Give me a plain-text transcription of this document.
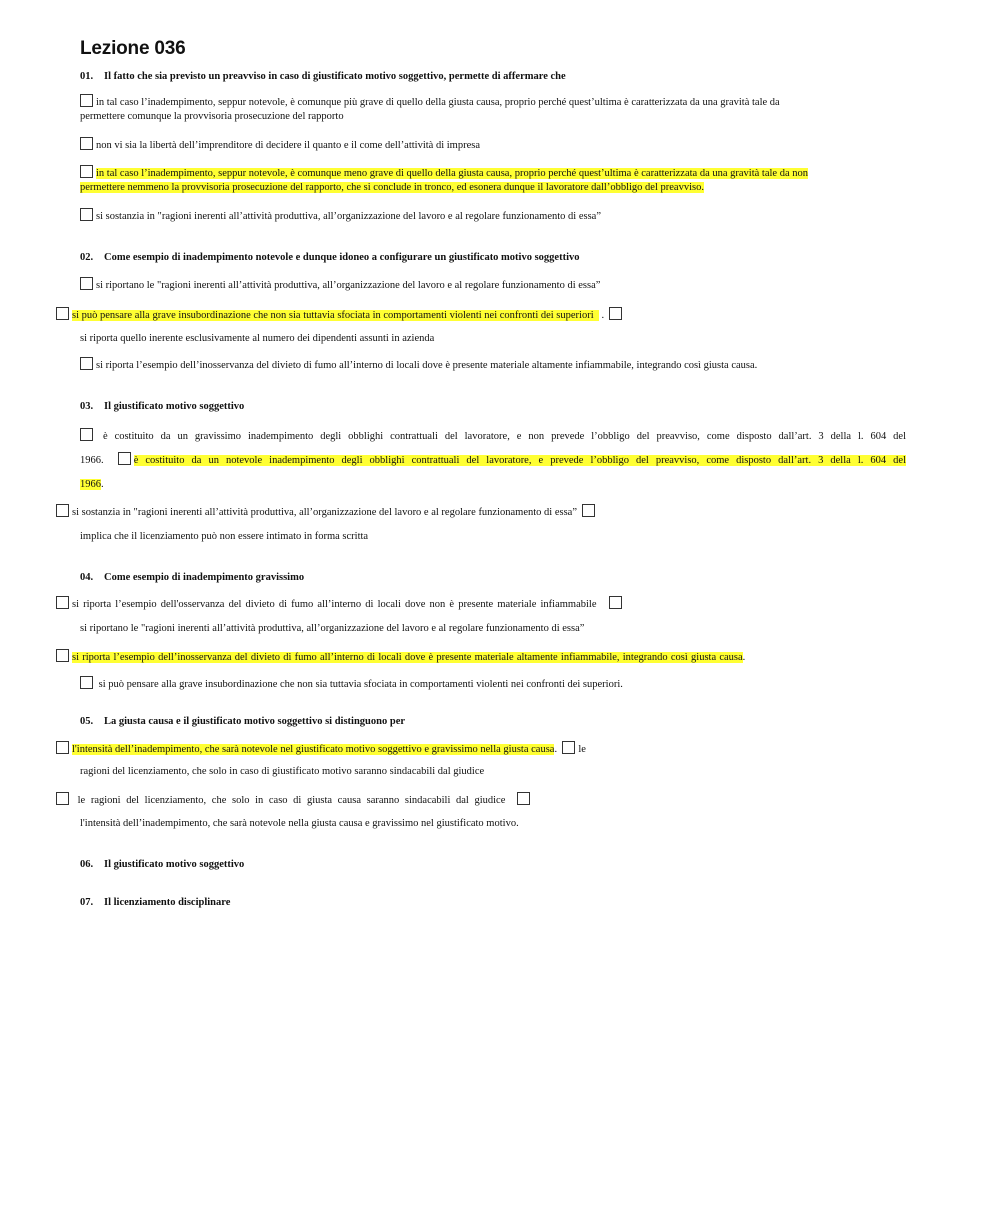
Lezione 036

01. Il fatto che sia previsto un preavviso in caso di giustificato motivo soggettivo, permette di affermare che

in tal caso l’inadempimento, seppur notevole, è comunque più grave di quello della giusta causa, proprio perché quest’ultima è caratterizzata da una gravità tale da
permettere comunque la provvisoria prosecuzione del rapporto
non vi sia la libertà dell’imprenditore di decidere il quanto e il come dell’attività di impresa
in tal caso l’inadempimento, seppur notevole, è comunque meno grave di quello della giusta causa, proprio perché quest’ultima è caratterizzata da una gravità tale da non
permettere nemmeno la provvisoria prosecuzione del rapporto, che si conclude in tronco, ed esonera dunque il lavoratore dall’obbligo del preavviso.
si sostanzia in "ragioni inerenti all’attività produttiva, all’organizzazione del lavoro e al regolare funzionamento di essa”

02. Come esempio di inadempimento notevole e dunque idoneo a configurare un giustificato motivo soggettivo

si riportano le "ragioni inerenti all’attività produttiva, all’organizzazione del lavoro e al regolare funzionamento di essa”
si può pensare alla grave insubordinazione che non sia tuttavia sfociata in comportamenti violenti nei confronti dei superiori .
si riporta quello inerente esclusivamente al numero dei dipendenti assunti in azienda
si riporta l’esempio dell’inosservanza del divieto di fumo all’interno di locali dove è presente materiale altamente infiammabile, integrando così giusta causa.

03. Il giustificato motivo soggettivo

è costituito da un gravissimo inadempimento degli obblighi contrattuali del lavoratore, e non prevede l’obbligo del preavviso, come disposto dall’art. 3 della l. 604 del
1966.	è costituito da un notevole inadempimento degli obblighi contrattuali del lavoratore, e prevede l’obbligo del preavviso, come disposto dall’art. 3 della l. 604 del
1966.
si sostanzia in "ragioni inerenti all’attività produttiva, all’organizzazione del lavoro e al regolare funzionamento di essa”
implica che il licenziamento può non essere intimato in forma scritta

04. Come esempio di inadempimento gravissimo

si riporta l’esempio dell'osservanza del divieto di fumo all’interno di locali dove non è presente materiale infiammabile
si riportano le "ragioni inerenti all’attività produttiva, all’organizzazione del lavoro e al regolare funzionamento di essa”
si riporta l’esempio dell’inosservanza del divieto di fumo all’interno di locali dove è presente materiale altamente infiammabile, integrando così giusta causa.
si può pensare alla grave insubordinazione che non sia tuttavia sfociata in comportamenti violenti nei confronti dei superiori.

05. La giusta causa e il giustificato motivo soggettivo si distinguono per

l'intensità dell’inadempimento, che sarà notevole nel giustificato motivo soggettivo e gravissimo nella giusta causa. le
ragioni del licenziamento, che solo in caso di giustificato motivo saranno sindacabili dal giudice
le ragioni del licenziamento, che solo in caso di giusta causa saranno sindacabili dal giudice
l'intensità dell’inadempimento, che sarà notevole nella giusta causa e gravissimo nel giustificato motivo.

06. Il giustificato motivo soggettivo

07. Il licenziamento disciplinare
